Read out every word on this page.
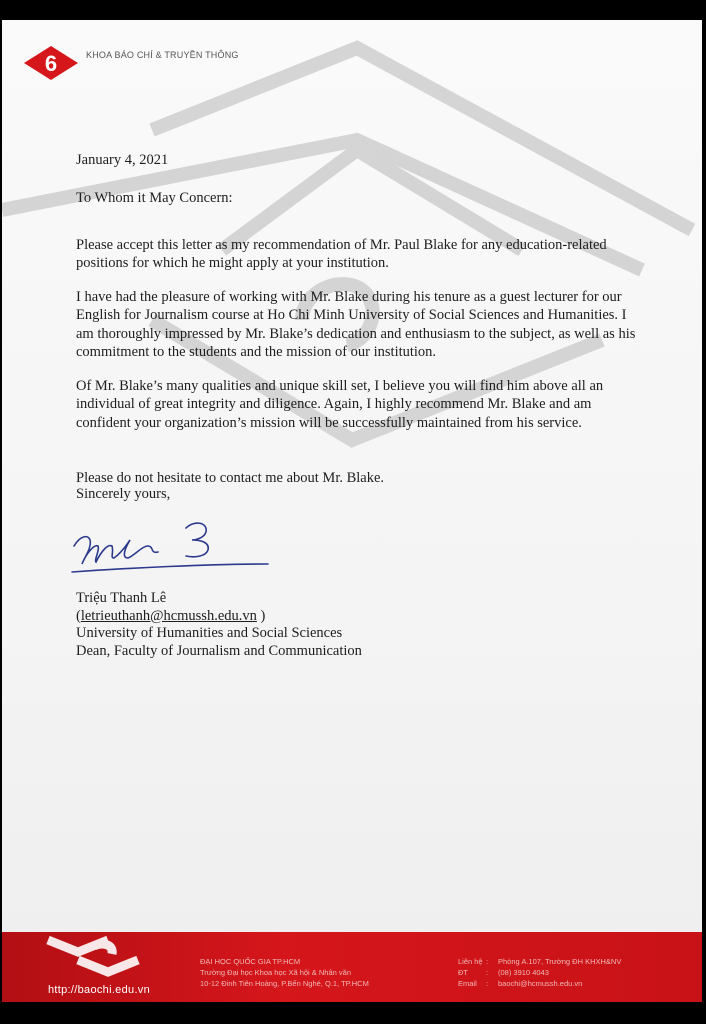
6	KHOA BÁO CHÍ & TRUYỀN THÔNG
January 4, 2021
To Whom it May Concern:

Please accept this letter as my recommendation of Mr. Paul Blake for any education-related positions for which he might apply at your institution.

I have had the pleasure of working with Mr. Blake during his tenure as a guest lecturer for our English for Journalism course at Ho Chi Minh University of Social Sciences and Humanities. I am thoroughly impressed by Mr. Blake’s dedication and enthusiasm to the subject, as well as his commitment to the students and the mission of our institution.

Of Mr. Blake’s many qualities and unique skill set, I believe you will find him above all an individual of great integrity and diligence. Again, I highly recommend Mr. Blake and am confident your organization’s mission will be successfully maintained from his service.

Please do not hesitate to contact me about Mr. Blake.

Sincerely yours,
Triệu Thanh Lê
(letrieuthanh@hcmussh.edu.vn )
University of Humanities and Social Sciences
Dean, Faculty of Journalism and Communication
http://baochi.edu.vn
ĐẠI HỌC QUỐC GIA TP.HCM
Trường Đại học Khoa học Xã hội & Nhân văn
10-12 Đinh Tiên Hoàng, P.Bến Nghé, Q.1, TP.HCM
Liên hệ : Phòng A.107, Trường ĐH KHXH&NV
ĐT : (08) 3910 4043
Email : baochi@hcmussh.edu.vn
